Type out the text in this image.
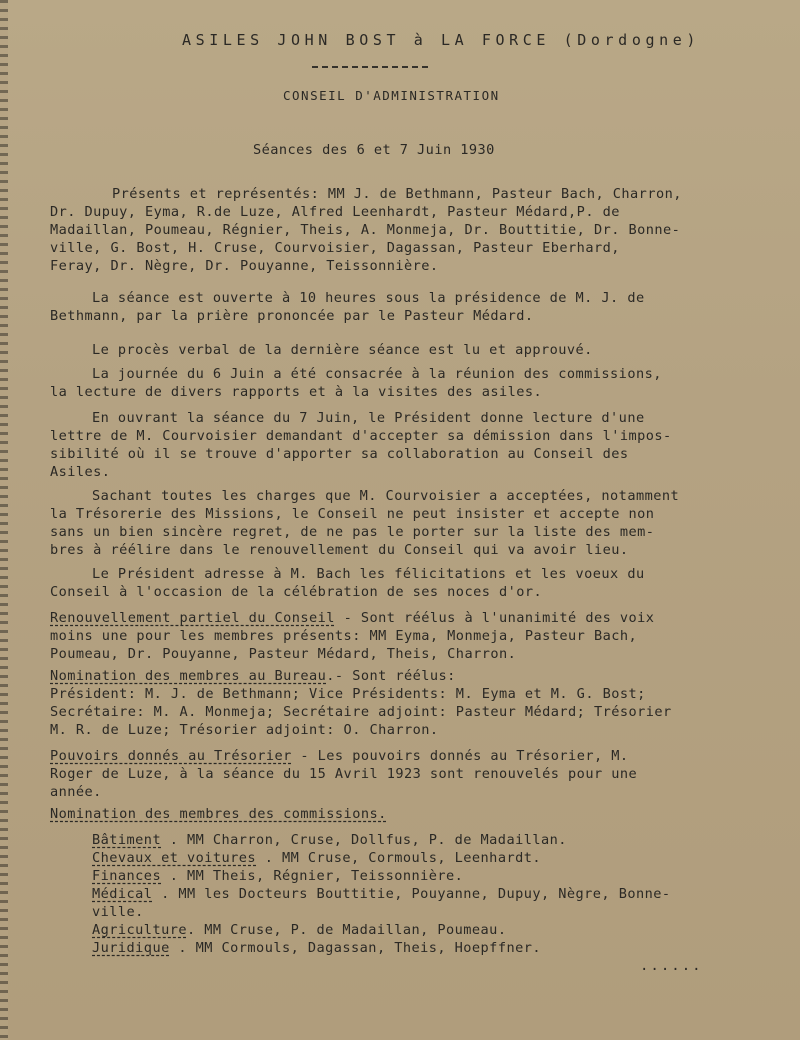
ASILES JOHN BOST à LA FORCE (Dordogne)
CONSEIL D'ADMINISTRATION
Séances des 6 et 7 Juin 1930
Présents et représentés: MM J. de Bethmann, Pasteur Bach, Charron,
Dr. Dupuy, Eyma, R.de Luze, Alfred Leenhardt, Pasteur Médard,P. de
Madaillan, Poumeau, Régnier, Theis, A. Monmeja, Dr. Bouttitie, Dr. Bonne-
ville, G. Bost, H. Cruse, Courvoisier, Dagassan, Pasteur Eberhard,
Feray, Dr. Nègre, Dr. Pouyanne, Teissonnière.
La séance est ouverte à 10 heures sous la présidence de M. J. de
Bethmann, par la prière prononcée par le Pasteur Médard.
Le procès verbal de la dernière séance est lu et approuvé.
La journée du 6 Juin a été consacrée à la réunion des commissions,
la lecture de divers rapports et à la visites des asiles.
En ouvrant la séance du 7 Juin, le Président donne lecture d'une
lettre de M. Courvoisier demandant d'accepter sa démission dans l'impos-
sibilité où il se trouve d'apporter sa collaboration au Conseil des
Asiles.
Sachant toutes les charges que M. Courvoisier a acceptées, notamment
la Trésorerie des Missions, le Conseil ne peut insister et accepte non
sans un bien sincère regret, de ne pas le porter sur la liste des mem-
bres à réélire dans le renouvellement du Conseil qui va avoir lieu.
Le Président adresse à M. Bach les félicitations et les voeux du
Conseil à l'occasion de la célébration de ses noces d'or.
Renouvellement partiel du Conseil - Sont réélus à l'unanimité des voix
moins une pour les membres présents: MM Eyma, Monmeja, Pasteur Bach,
Poumeau, Dr. Pouyanne, Pasteur Médard, Theis, Charron.
Nomination des membres au Bureau.- Sont réélus:
Président: M. J. de Bethmann; Vice Présidents: M. Eyma et M. G. Bost;
Secrétaire: M. A. Monmeja; Secrétaire adjoint: Pasteur Médard; Trésorier
M. R. de Luze; Trésorier adjoint: O. Charron.
Pouvoirs donnés au Trésorier - Les pouvoirs donnés au Trésorier, M.
Roger de Luze, à la séance du 15 Avril 1923 sont renouvelés pour une
année.
Nomination des membres des commissions.
Bâtiment . MM Charron, Cruse, Dollfus, P. de Madaillan.
Chevaux et voitures . MM Cruse, Cormouls, Leenhardt.
Finances . MM Theis, Régnier, Teissonnière.
Médical . MM les Docteurs Bouttitie, Pouyanne, Dupuy, Nègre, Bonne-
ville.
Agriculture. MM Cruse, P. de Madaillan, Poumeau.
Juridique . MM Cormouls, Dagassan, Theis, Hoepffner.
......
